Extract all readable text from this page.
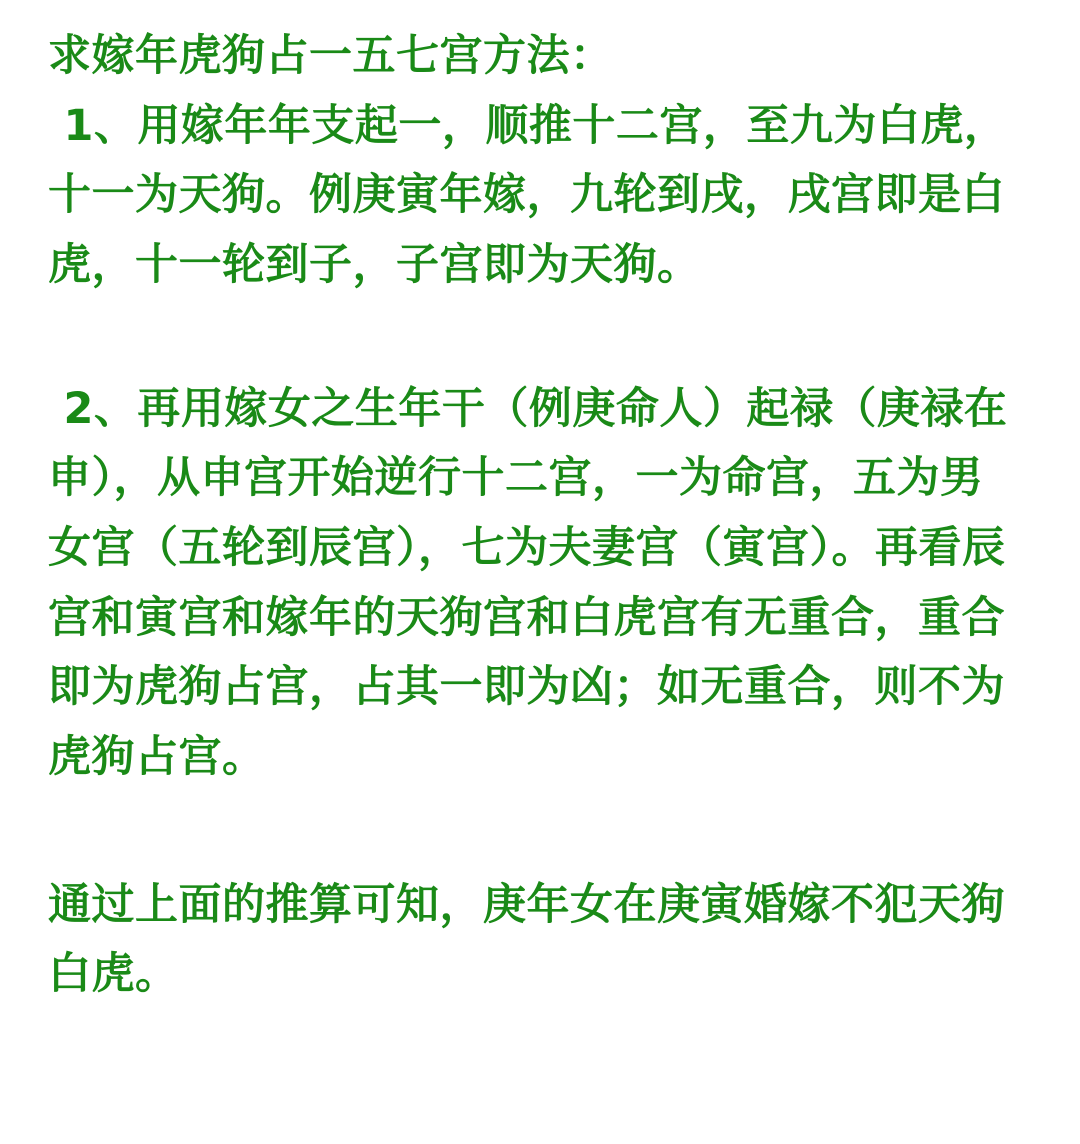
求嫁年虎狗占一五七宫方法：

1、用嫁年年支起一，顺推十二宫，至九为白虎，十一为天狗。例庚寅年嫁，九轮到戌，戌宫即是白虎，十一轮到子，子宫即为天狗。

2、再用嫁女之生年干（例庚命人）起禄（庚禄在申），从申宫开始逆行十二宫，一为命宫，五为男女宫（五轮到辰宫），七为夫妻宫（寅宫）。再看辰宫和寅宫和嫁年的天狗宫和白虎宫有无重合，重合即为虎狗占宫，占其一即为凶；如无重合，则不为虎狗占宫。

通过上面的推算可知，庚年女在庚寅婚嫁不犯天狗白虎。
